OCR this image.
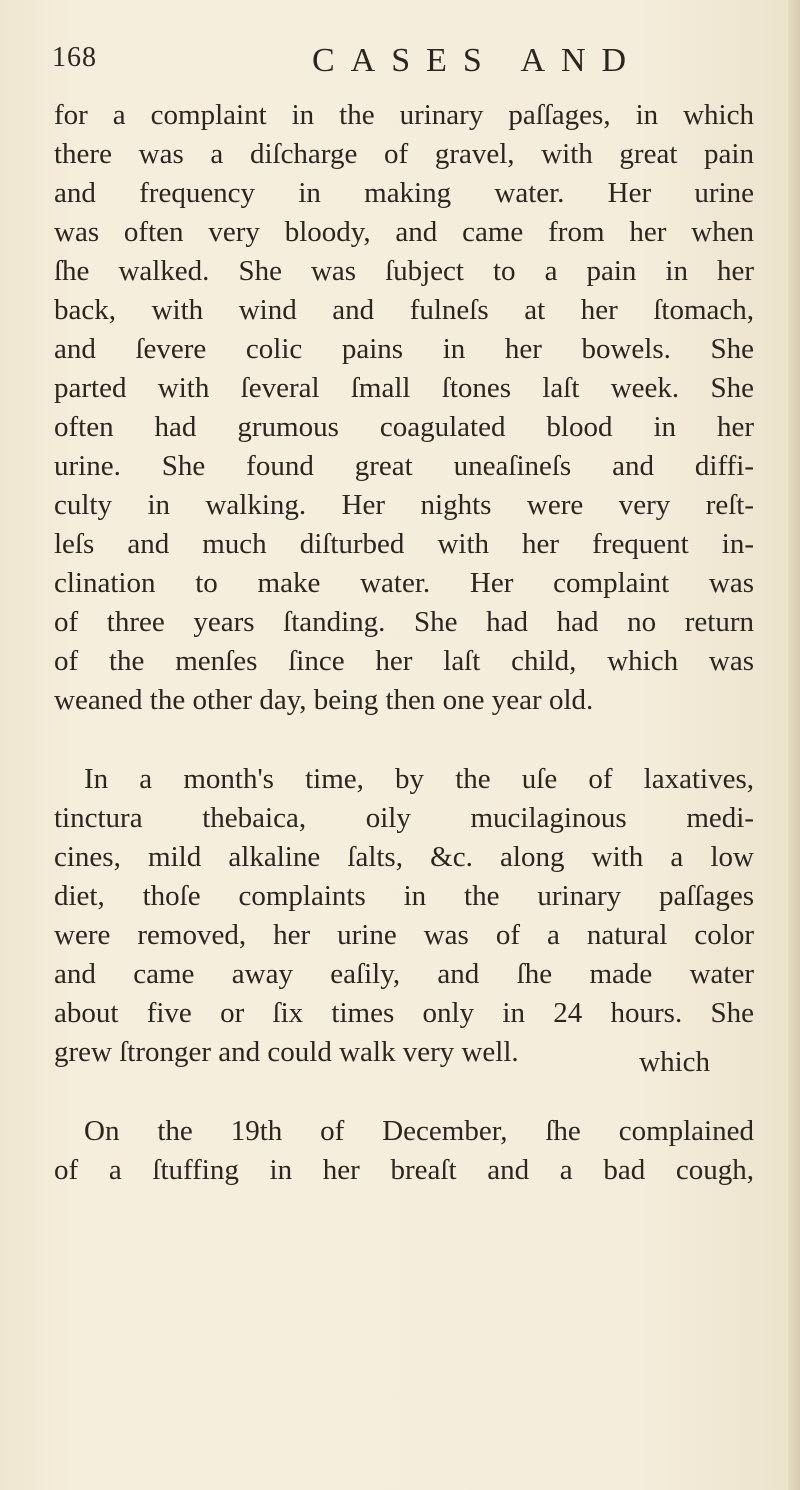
168	CASES AND
for a complaint in the urinary paſſages, in which
there was a diſcharge of gravel, with great pain
and frequency in making water. Her urine
was often very bloody, and came from her when
ſhe walked. She was ſubject to a pain in her
back, with wind and fulneſs at her ſtomach,
and ſevere colic pains in her bowels. She
parted with ſeveral ſmall ſtones laſt week. She
often had grumous coagulated blood in her
urine. She found great uneaſineſs and diffi-
culty in walking. Her nights were very reſt-
leſs and much diſturbed with her frequent in-
clination to make water. Her complaint was
of three years ſtanding. She had had no return
of the menſes ſince her laſt child, which was
weaned the other day, being then one year old.
In a month's time, by the uſe of laxatives,
tinctura thebaica, oily mucilaginous medi-
cines, mild alkaline ſalts, &c. along with a low
diet, thoſe complaints in the urinary paſſages
were removed, her urine was of a natural color
and came away eaſily, and ſhe made water
about five or ſix times only in 24 hours. She
grew ſtronger and could walk very well.
On the 19th of December, ſhe complained
of a ſtuffing in her breaſt and a bad cough,
which
